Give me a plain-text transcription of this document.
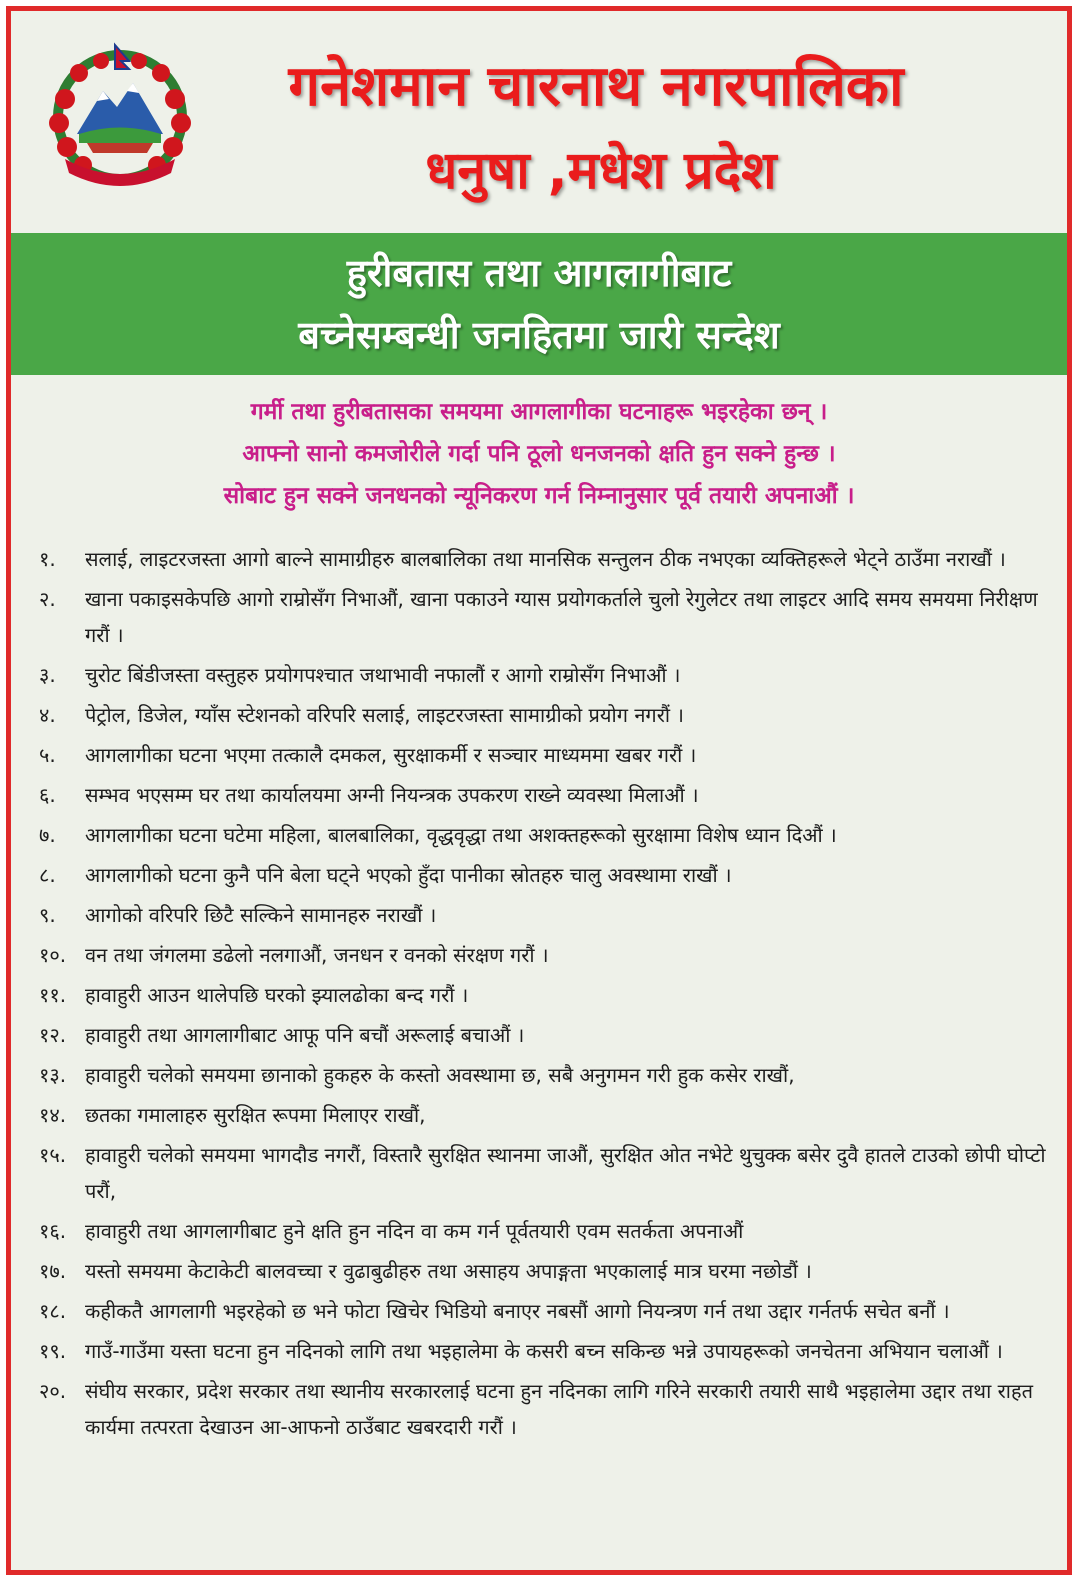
गनेशमान चारनाथ नगरपालिका
धनुषा ,मधेश प्रदेश
हुरीबतास तथा आगलागीबाट
बच्नेसम्बन्धी जनहितमा जारी सन्देश
गर्मी तथा हुरीबतासका समयमा आगलागीका घटनाहरू भइरहेका छन् ।
आफ्नो सानो कमजोरीले गर्दा पनि ठूलो धनजनको क्षति हुन सक्ने हुन्छ ।
सोबाट हुन सक्ने जनधनको न्यूनिकरण गर्न निम्नानुसार पूर्व तयारी अपनाऔं ।
१.	सलाई, लाइटरजस्ता आगो बाल्ने सामाग्रीहरु बालबालिका तथा मानसिक सन्तुलन ठीक नभएका व्यक्तिहरूले भेट्ने ठाउँमा नराखौं ।
२.	खाना पकाइसकेपछि आगो राम्रोसँग निभाऔं, खाना पकाउने ग्यास प्रयोगकर्ताले चुलो रेगुलेटर तथा लाइटर आदि समय समयमा निरीक्षण गरौं ।
३.	चुरोट बिंडीजस्ता वस्तुहरु प्रयोगपश्चात जथाभावी नफालौं र आगो राम्रोसँग निभाऔं ।
४.	पेट्रोल, डिजेल, ग्याँस स्टेशनको वरिपरि सलाई, लाइटरजस्ता सामाग्रीको प्रयोग नगरौं ।
५.	आगलागीका घटना भएमा तत्कालै दमकल, सुरक्षाकर्मी र सञ्चार माध्यममा खबर गरौं ।
६.	सम्भव भएसम्म घर तथा कार्यालयमा अग्नी नियन्त्रक उपकरण राख्ने व्यवस्था मिलाऔं ।
७.	आगलागीका घटना घटेमा महिला, बालबालिका, वृद्धवृद्धा तथा अशक्तहरूको सुरक्षामा विशेष ध्यान दिऔं ।
८.	आगलागीको घटना कुनै पनि बेला घट्ने भएको हुँदा पानीका स्रोतहरु चालु अवस्थामा राखौं ।
९.	आगोको वरिपरि छिटै सल्किने सामानहरु नराखौं ।
१०. वन तथा जंगलमा डढेलो नलगाऔं, जनधन र वनको संरक्षण गरौं ।
११. हावाहुरी आउन थालेपछि घरको झ्यालढोका बन्द गरौं ।
१२. हावाहुरी तथा आगलागीबाट आफू पनि बचौं अरूलाई बचाऔं ।
१३. हावाहुरी चलेको समयमा छानाको हुकहरु के कस्तो अवस्थामा छ, सबै अनुगमन गरी हुक कसेर राखौं,
१४. छतका गमालाहरु सुरक्षित रूपमा मिलाएर राखौं,
१५. हावाहुरी चलेको समयमा भागदौड नगरौं, विस्तारै सुरक्षित स्थानमा जाऔं, सुरक्षित ओत नभेटे थुचुक्क बसेर दुवै हातले टाउको छोपी घोप्टो परौं,
१६. हावाहुरी तथा आगलागीबाट हुने क्षति हुन नदिन वा कम गर्न पूर्वतयारी एवम सतर्कता अपनाऔं
१७. यस्तो समयमा केटाकेटी बालवच्चा र वुढाबुढीहरु तथा असाहय अपाङ्गता भएकालाई मात्र घरमा नछोडौं ।
१८. कहीकतै आगलागी भइरहेको छ भने फोटा खिचेर भिडियो बनाएर नबसौं आगो नियन्त्रण गर्न तथा उद्दार गर्नतर्फ सचेत बनौं ।
१९. गाउँ-गाउँमा यस्ता घटना हुन नदिनको लागि तथा भइहालेमा के कसरी बच्न सकिन्छ भन्ने उपायहरूको जनचेतना अभियान चलाऔं ।
२०. संघीय सरकार, प्रदेश सरकार तथा स्थानीय सरकारलाई घटना हुन नदिनका लागि गरिने सरकारी तयारी साथै भइहालेमा उद्दार तथा राहत कार्यमा तत्परता देखाउन आ-आफनो ठाउँबाट खबरदारी गरौं ।
